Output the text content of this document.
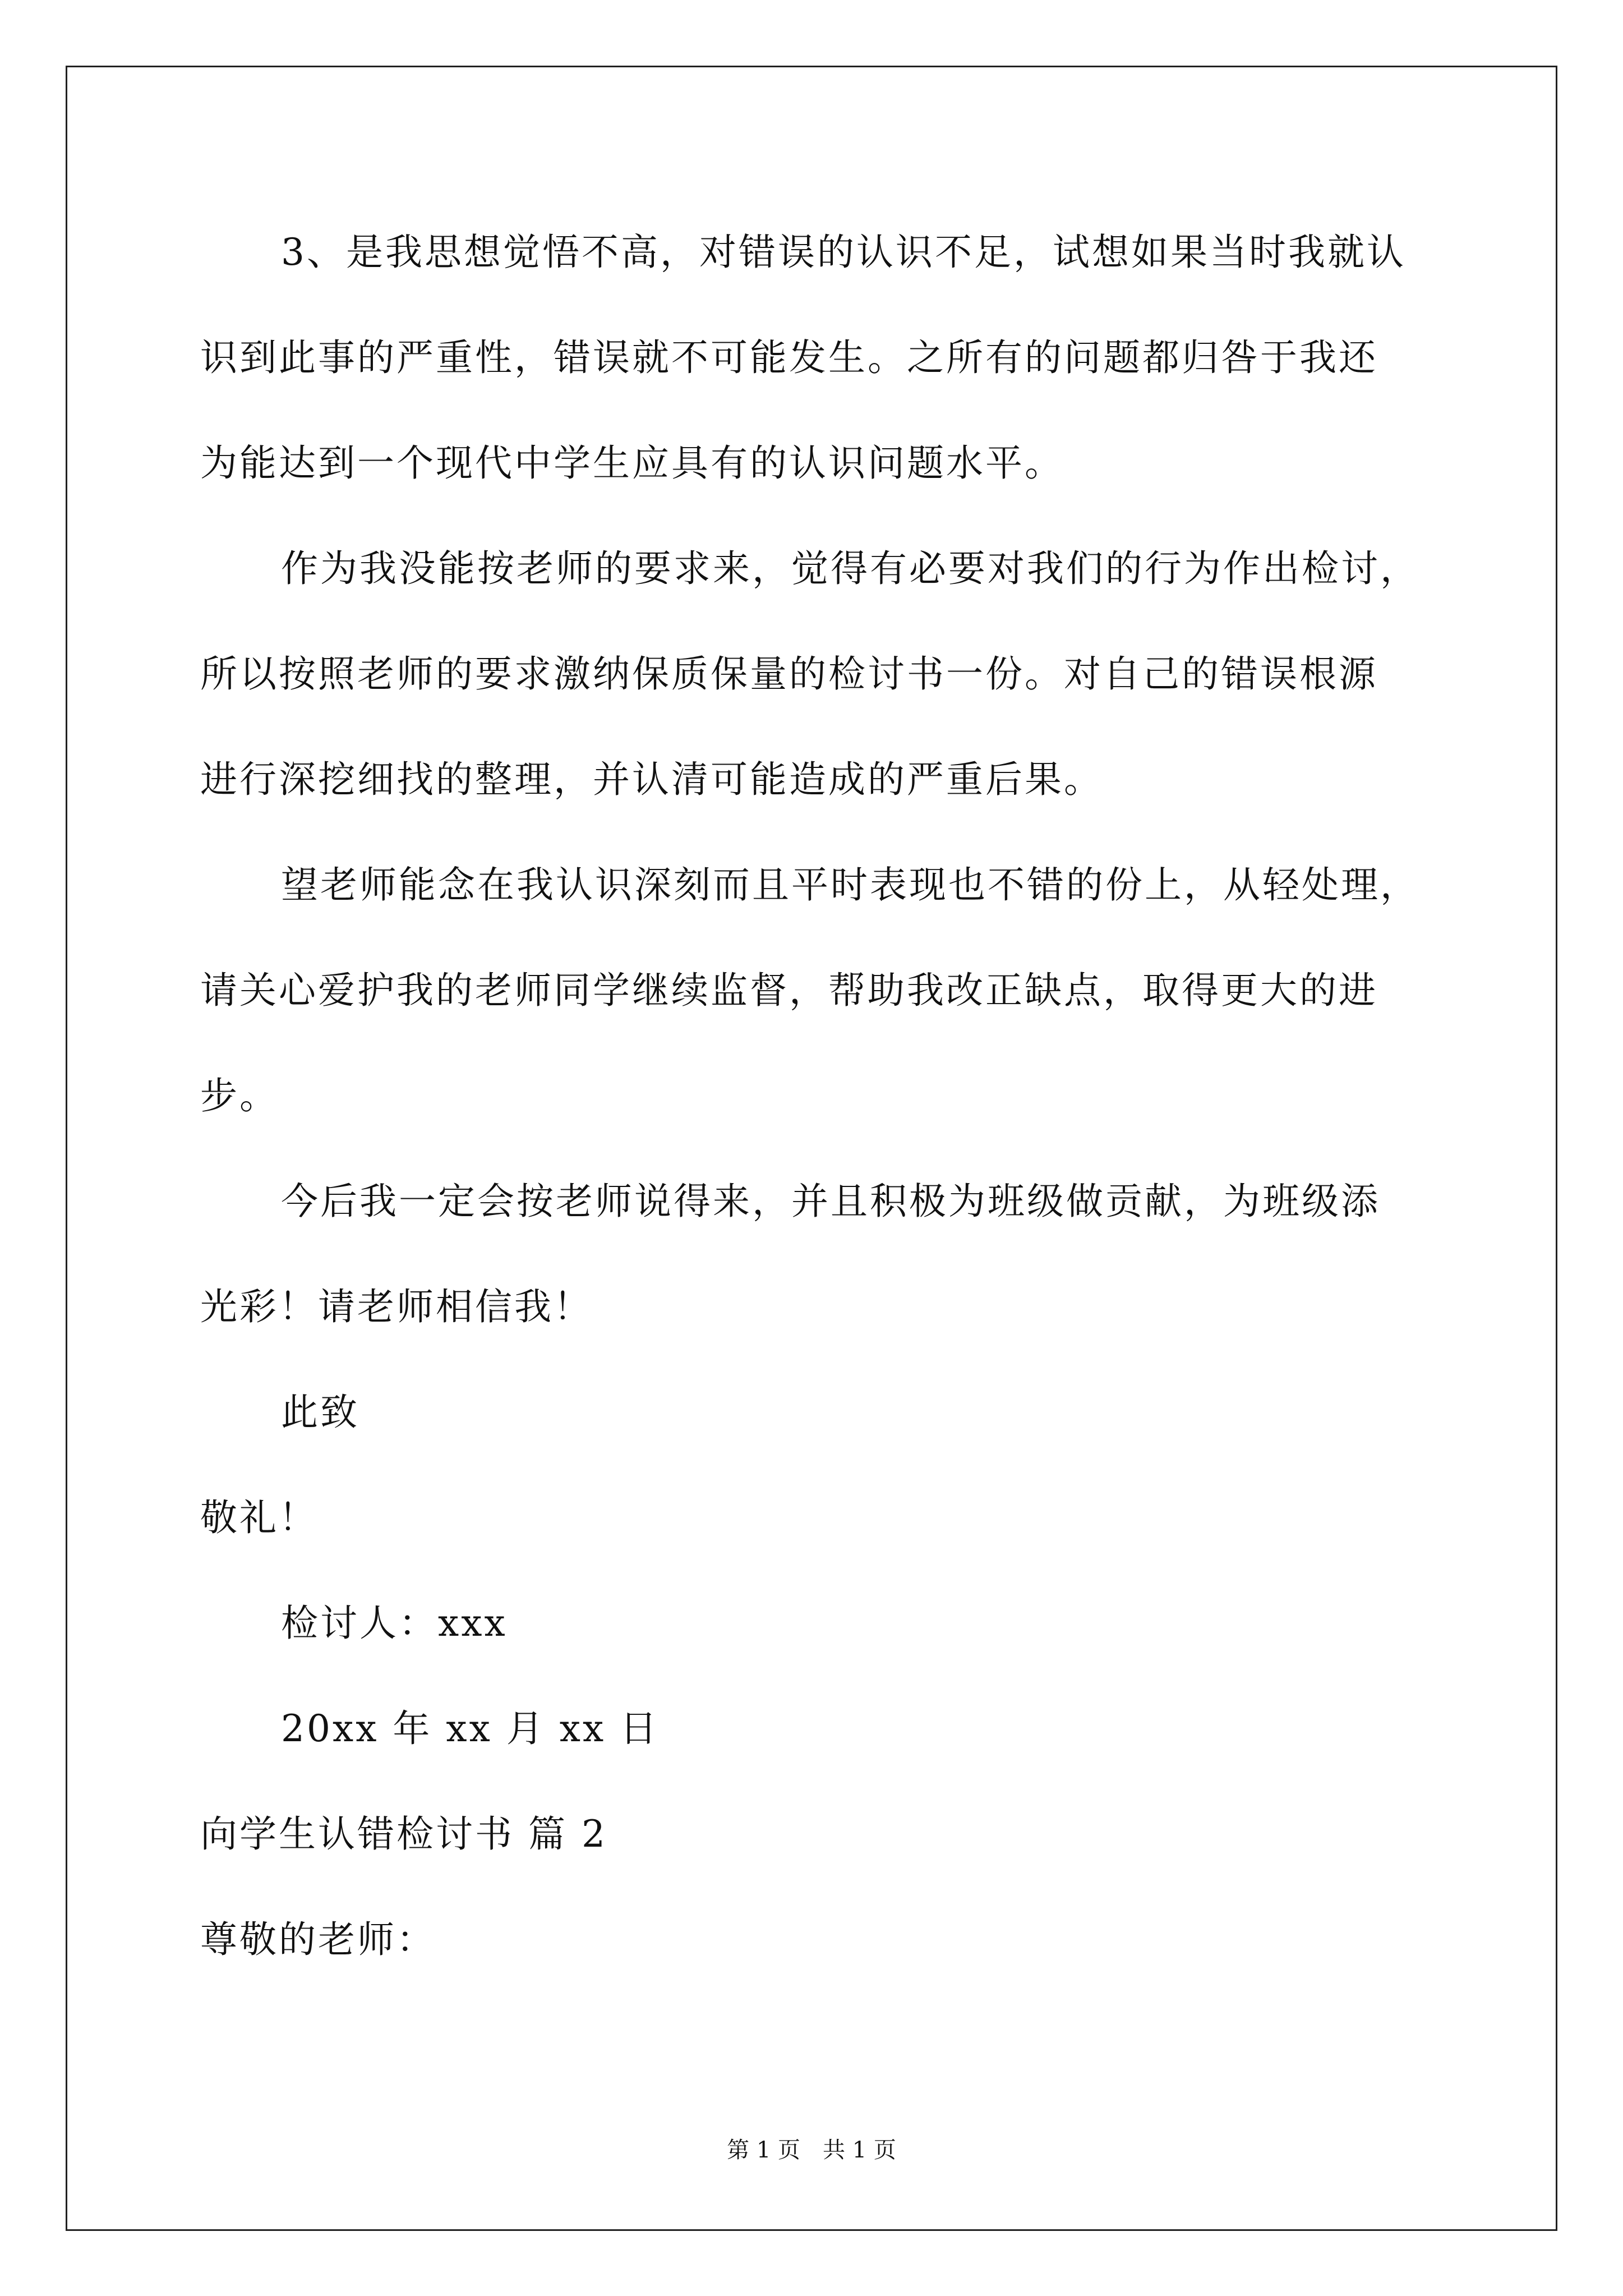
3、是我思想觉悟不高，对错误的认识不足，试想如果当时我就认
识到此事的严重性，错误就不可能发生。之所有的问题都归咎于我还
为能达到一个现代中学生应具有的认识问题水平。
作为我没能按老师的要求来，觉得有必要对我们的行为作出检讨，
所以按照老师的要求激纳保质保量的检讨书一份。对自己的错误根源
进行深挖细找的整理，并认清可能造成的严重后果。
望老师能念在我认识深刻而且平时表现也不错的份上，从轻处理，
请关心爱护我的老师同学继续监督，帮助我改正缺点，取得更大的进
步。
今后我一定会按老师说得来，并且积极为班级做贡献，为班级添
光彩！请老师相信我！
此致
敬礼！
检讨人：xxx
20xx 年 xx 月 xx 日
向学生认错检讨书 篇 2
尊敬的老师：
第 1 页　共 1 页
